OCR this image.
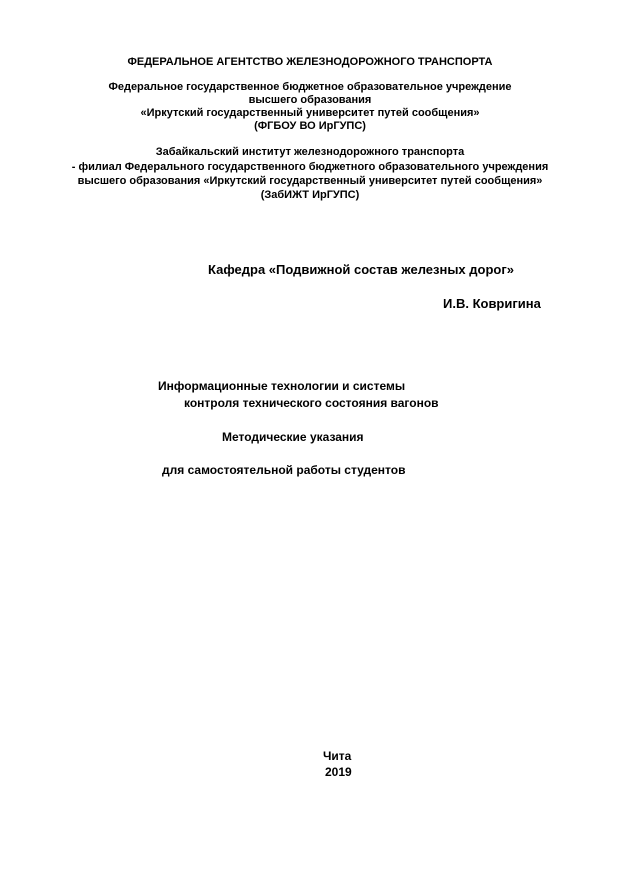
ФЕДЕРАЛЬНОЕ АГЕНТСТВО ЖЕЛЕЗНОДОРОЖНОГО ТРАНСПОРТА
Федеральное государственное бюджетное образовательное учреждение
высшего образования
«Иркутский государственный университет путей сообщения»
(ФГБОУ ВО ИрГУПС)
Забайкальский институт железнодорожного транспорта
- филиал Федерального государственного бюджетного образовательного учреждения
высшего образования «Иркутский государственный университет путей сообщения»
(ЗабИЖТ ИрГУПС)
Кафедра «Подвижной состав железных дорог»
И.В. Ковригина
Информационные технологии и системы
контроля технического состояния вагонов
Методические указания
для самостоятельной работы студентов
Чита
2019
